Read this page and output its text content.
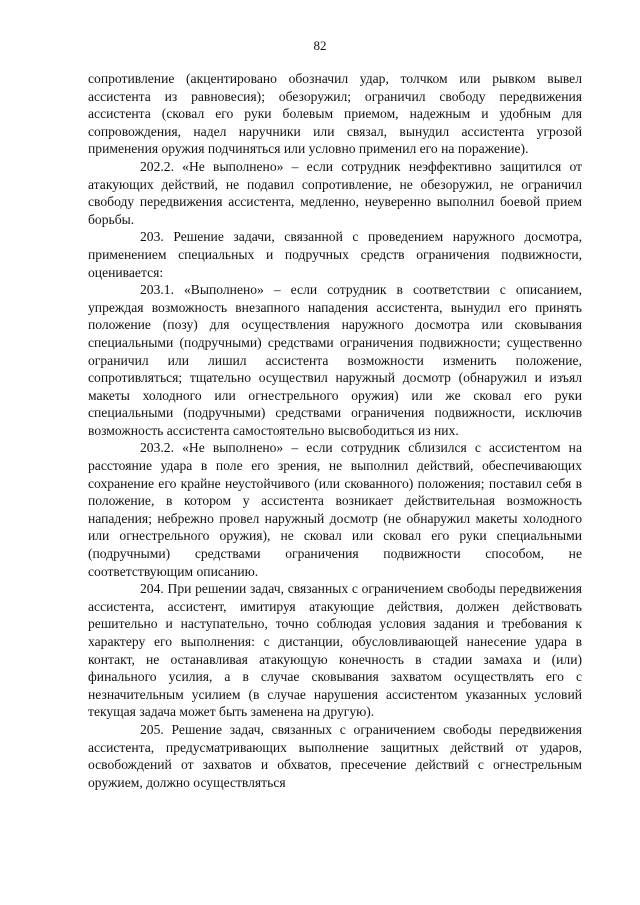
82

сопротивление (акцентировано обозначил удар, толчком или рывком вывел ассистента из равновесия); обезоружил; ограничил свободу передвижения ассистента (сковал его руки болевым приемом, надежным и удобным для сопровождения, надел наручники или связал, вынудил ассистента угрозой применения оружия подчиняться или условно применил его на поражение).

202.2. «Не выполнено» – если сотрудник неэффективно защитился от атакующих действий, не подавил сопротивление, не обезоружил, не ограничил свободу передвижения ассистента, медленно, неуверенно выполнил боевой прием борьбы.

203. Решение задачи, связанной с проведением наружного досмотра, применением специальных и подручных средств ограничения подвижности, оценивается:

203.1. «Выполнено» – если сотрудник в соответствии с описанием, упреждая возможность внезапного нападения ассистента, вынудил его принять положение (позу) для осуществления наружного досмотра или сковывания специальными (подручными) средствами ограничения подвижности; существенно ограничил или лишил ассистента возможности изменить положение, сопротивляться; тщательно осуществил наружный досмотр (обнаружил и изъял макеты холодного или огнестрельного оружия) или же сковал его руки специальными (подручными) средствами ограничения подвижности, исключив возможность ассистента самостоятельно высвободиться из них.

203.2. «Не выполнено» – если сотрудник сблизился с ассистентом на расстояние удара в поле его зрения, не выполнил действий, обеспечивающих сохранение его крайне неустойчивого (или скованного) положения; поставил себя в положение, в котором у ассистента возникает действительная возможность нападения; небрежно провел наружный досмотр (не обнаружил макеты холодного или огнестрельного оружия), не сковал или сковал его руки специальными (подручными) средствами ограничения подвижности способом, не соответствующим описанию.

204. При решении задач, связанных с ограничением свободы передвижения ассистента, ассистент, имитируя атакующие действия, должен действовать решительно и наступательно, точно соблюдая условия задания и требования к характеру его выполнения: с дистанции, обусловливающей нанесение удара в контакт, не останавливая атакующую конечность в стадии замаха и (или) финального усилия, а в случае сковывания захватом осуществлять его с незначительным усилием (в случае нарушения ассистентом указанных условий текущая задача может быть заменена на другую).

205. Решение задач, связанных с ограничением свободы передвижения ассистента, предусматривающих выполнение защитных действий от ударов, освобождений от захватов и обхватов, пресечение действий с огнестрельным оружием, должно осуществляться
